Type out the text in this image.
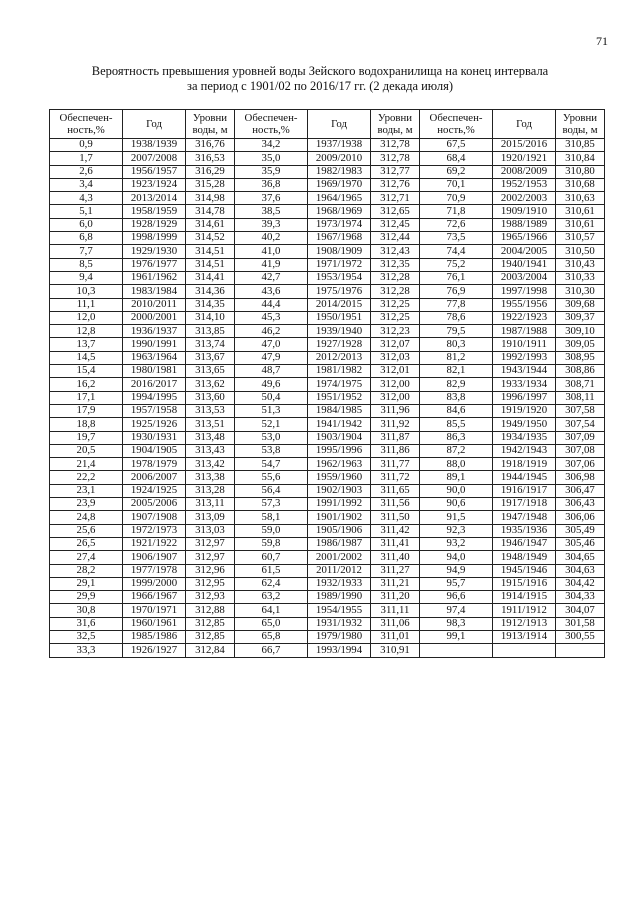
71
Вероятность превышения уровней воды Зейского водохранилища на конец интервала
за период с 1901/02 по 2016/17 гг. (2 декада июля)
Обеспечен-ность,%	Год	Уровни воды, м	Обеспечен-ность,%	Год	Уровни воды, м	Обеспечен-ность,%	Год	Уровни воды, м
0,9	1938/1939	316,76	34,2	1937/1938	312,78	67,5	2015/2016	310,85
1,7	2007/2008	316,53	35,0	2009/2010	312,78	68,4	1920/1921	310,84
2,6	1956/1957	316,29	35,9	1982/1983	312,77	69,2	2008/2009	310,80
3,4	1923/1924	315,28	36,8	1969/1970	312,76	70,1	1952/1953	310,68
4,3	2013/2014	314,98	37,6	1964/1965	312,71	70,9	2002/2003	310,63
5,1	1958/1959	314,78	38,5	1968/1969	312,65	71,8	1909/1910	310,61
6,0	1928/1929	314,61	39,3	1973/1974	312,45	72,6	1988/1989	310,61
6,8	1998/1999	314,52	40,2	1967/1968	312,44	73,5	1965/1966	310,57
7,7	1929/1930	314,51	41,0	1908/1909	312,43	74,4	2004/2005	310,50
8,5	1976/1977	314,51	41,9	1971/1972	312,35	75,2	1940/1941	310,43
9,4	1961/1962	314,41	42,7	1953/1954	312,28	76,1	2003/2004	310,33
10,3	1983/1984	314,36	43,6	1975/1976	312,28	76,9	1997/1998	310,30
11,1	2010/2011	314,35	44,4	2014/2015	312,25	77,8	1955/1956	309,68
12,0	2000/2001	314,10	45,3	1950/1951	312,25	78,6	1922/1923	309,37
12,8	1936/1937	313,85	46,2	1939/1940	312,23	79,5	1987/1988	309,10
13,7	1990/1991	313,74	47,0	1927/1928	312,07	80,3	1910/1911	309,05
14,5	1963/1964	313,67	47,9	2012/2013	312,03	81,2	1992/1993	308,95
15,4	1980/1981	313,65	48,7	1981/1982	312,01	82,1	1943/1944	308,86
16,2	2016/2017	313,62	49,6	1974/1975	312,00	82,9	1933/1934	308,71
17,1	1994/1995	313,60	50,4	1951/1952	312,00	83,8	1996/1997	308,11
17,9	1957/1958	313,53	51,3	1984/1985	311,96	84,6	1919/1920	307,58
18,8	1925/1926	313,51	52,1	1941/1942	311,92	85,5	1949/1950	307,54
19,7	1930/1931	313,48	53,0	1903/1904	311,87	86,3	1934/1935	307,09
20,5	1904/1905	313,43	53,8	1995/1996	311,86	87,2	1942/1943	307,08
21,4	1978/1979	313,42	54,7	1962/1963	311,77	88,0	1918/1919	307,06
22,2	2006/2007	313,38	55,6	1959/1960	311,72	89,1	1944/1945	306,98
23,1	1924/1925	313,28	56,4	1902/1903	311,65	90,0	1916/1917	306,47
23,9	2005/2006	313,11	57,3	1991/1992	311,56	90,6	1917/1918	306,43
24,8	1907/1908	313,09	58,1	1901/1902	311,50	91,5	1947/1948	306,06
25,6	1972/1973	313,03	59,0	1905/1906	311,42	92,3	1935/1936	305,49
26,5	1921/1922	312,97	59,8	1986/1987	311,41	93,2	1946/1947	305,46
27,4	1906/1907	312,97	60,7	2001/2002	311,40	94,0	1948/1949	304,65
28,2	1977/1978	312,96	61,5	2011/2012	311,27	94,9	1945/1946	304,63
29,1	1999/2000	312,95	62,4	1932/1933	311,21	95,7	1915/1916	304,42
29,9	1966/1967	312,93	63,2	1989/1990	311,20	96,6	1914/1915	304,33
30,8	1970/1971	312,88	64,1	1954/1955	311,11	97,4	1911/1912	304,07
31,6	1960/1961	312,85	65,0	1931/1932	311,06	98,3	1912/1913	301,58
32,5	1985/1986	312,85	65,8	1979/1980	311,01	99,1	1913/1914	300,55
33,3	1926/1927	312,84	66,7	1993/1994	310,91			
